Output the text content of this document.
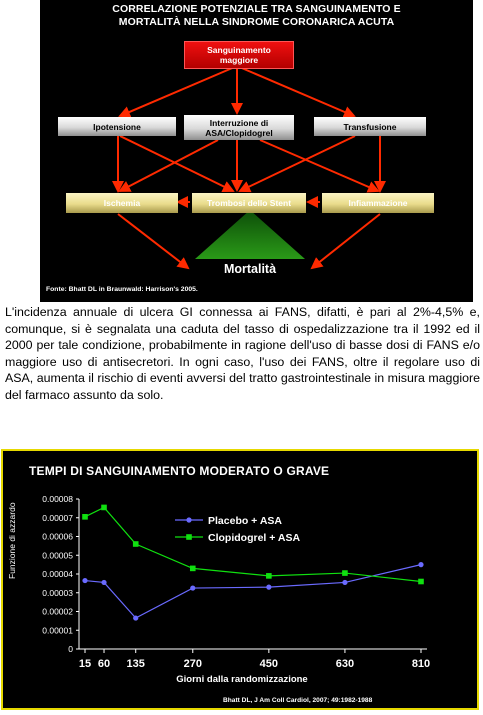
CORRELAZIONE POTENZIALE TRA SANGUINAMENTO E
MORTALITÀ NELLA SINDROME CORONARICA ACUTA
Sanguinamento
maggiore
Ipotensione	Interruzione di
ASA/Clopidogrel
Transfusione
Ischemia	Trombosi dello Stent	Infiammazione
Mortalità
Fonte: Bhatt DL in Braunwald: Harrison's 2005.

L'incidenza annuale di ulcera GI connessa ai FANS, difatti, è pari al 2%-4,5% e, comunque, si è segnalata una caduta del tasso di ospedalizzazione tra il 1992 ed il 2000 per tale condizione, probabilmente in ragione dell'uso di basse dosi di FANS e/o maggiore uso di antisecretori. In ogni caso, l'uso dei FANS, oltre il regolare uso di ASA, aumenta il rischio di eventi avversi del tratto gastrointestinale in misura maggiore del farmaco assunto da solo.

TEMPI DI SANGUINAMENTO MODERATO O GRAVE
Funzione di azzardo
0
0.00001
0.00002
0.00003
0.00004
0.00005
0.00006
0.00007
0.00008
15 60 135	270	450	630	810
Placebo + ASA
Clopidogrel + ASA
Giorni dalla randomizzazione
Bhatt DL, J Am Coll Cardiol, 2007; 49:1982-1988
